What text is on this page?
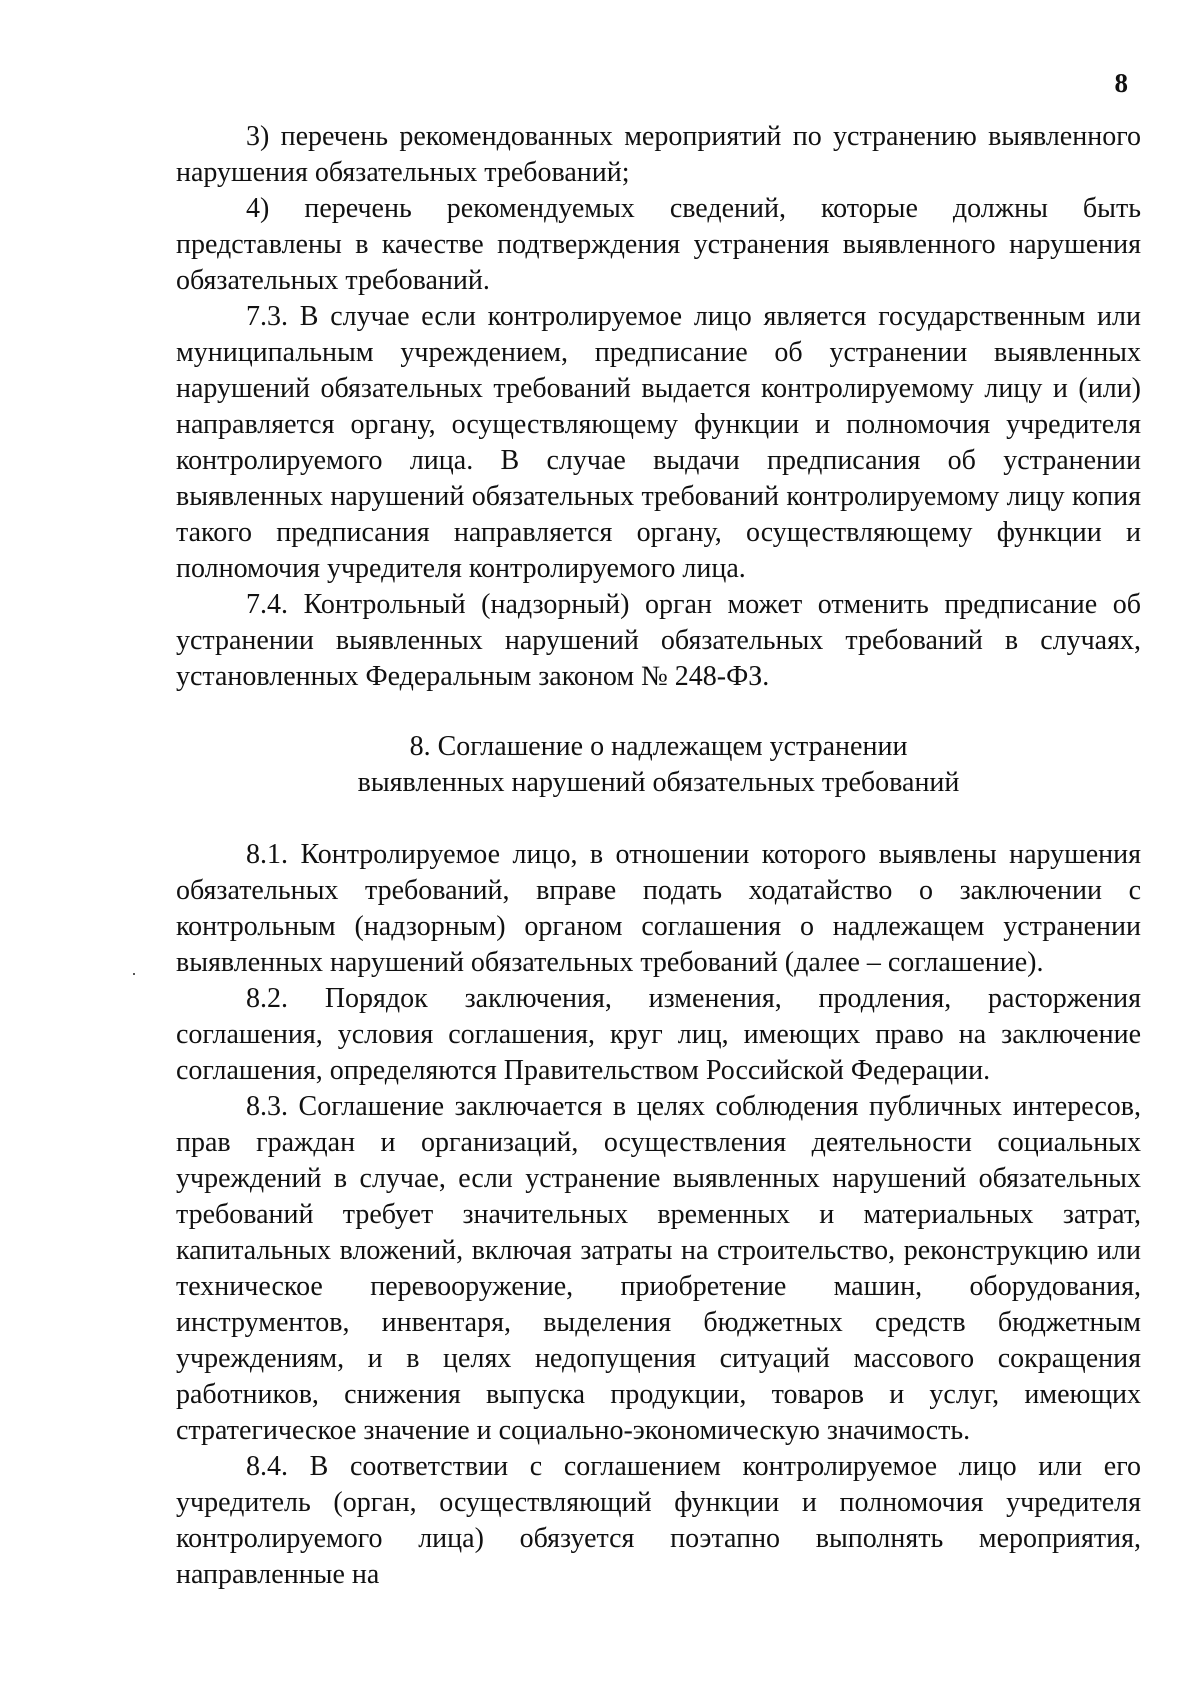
8

3) перечень рекомендованных мероприятий по устранению выявленного нарушения обязательных требований;

4) перечень рекомендуемых сведений, которые должны быть представлены в качестве подтверждения устранения выявленного нарушения обязательных требований.

7.3. В случае если контролируемое лицо является государственным или муниципальным учреждением, предписание об устранении выявленных нарушений обязательных требований выдается контролируемому лицу и (или) направляется органу, осуществляющему функции и полномочия учредителя контролируемого лица. В случае выдачи предписания об устранении выявленных нарушений обязательных требований контролируемому лицу копия такого предписания направляется органу, осуществляющему функции и полномочия учредителя контролируемого лица.

7.4. Контрольный (надзорный) орган может отменить предписание об устранении выявленных нарушений обязательных требований в случаях, установленных Федеральным законом № 248-ФЗ.

8. Соглашение о надлежащем устранении
выявленных нарушений обязательных требований

8.1. Контролируемое лицо, в отношении которого выявлены нарушения обязательных требований, вправе подать ходатайство о заключении с контрольным (надзорным) органом соглашения о надлежащем устранении выявленных нарушений обязательных требований (далее – соглашение).

8.2. Порядок заключения, изменения, продления, расторжения соглашения, условия соглашения, круг лиц, имеющих право на заключение соглашения, определяются Правительством Российской Федерации.

8.3. Соглашение заключается в целях соблюдения публичных интересов, прав граждан и организаций, осуществления деятельности социальных учреждений в случае, если устранение выявленных нарушений обязательных требований требует значительных временных и материальных затрат, капитальных вложений, включая затраты на строительство, реконструкцию или техническое перевооружение, приобретение машин, оборудования, инструментов, инвентаря, выделения бюджетных средств бюджетным учреждениям, и в целях недопущения ситуаций массового сокращения работников, снижения выпуска продукции, товаров и услуг, имеющих стратегическое значение и социально-экономическую значимость.

8.4. В соответствии с соглашением контролируемое лицо или его учредитель (орган, осуществляющий функции и полномочия учредителя контролируемого лица) обязуется поэтапно выполнять мероприятия, направленные на
